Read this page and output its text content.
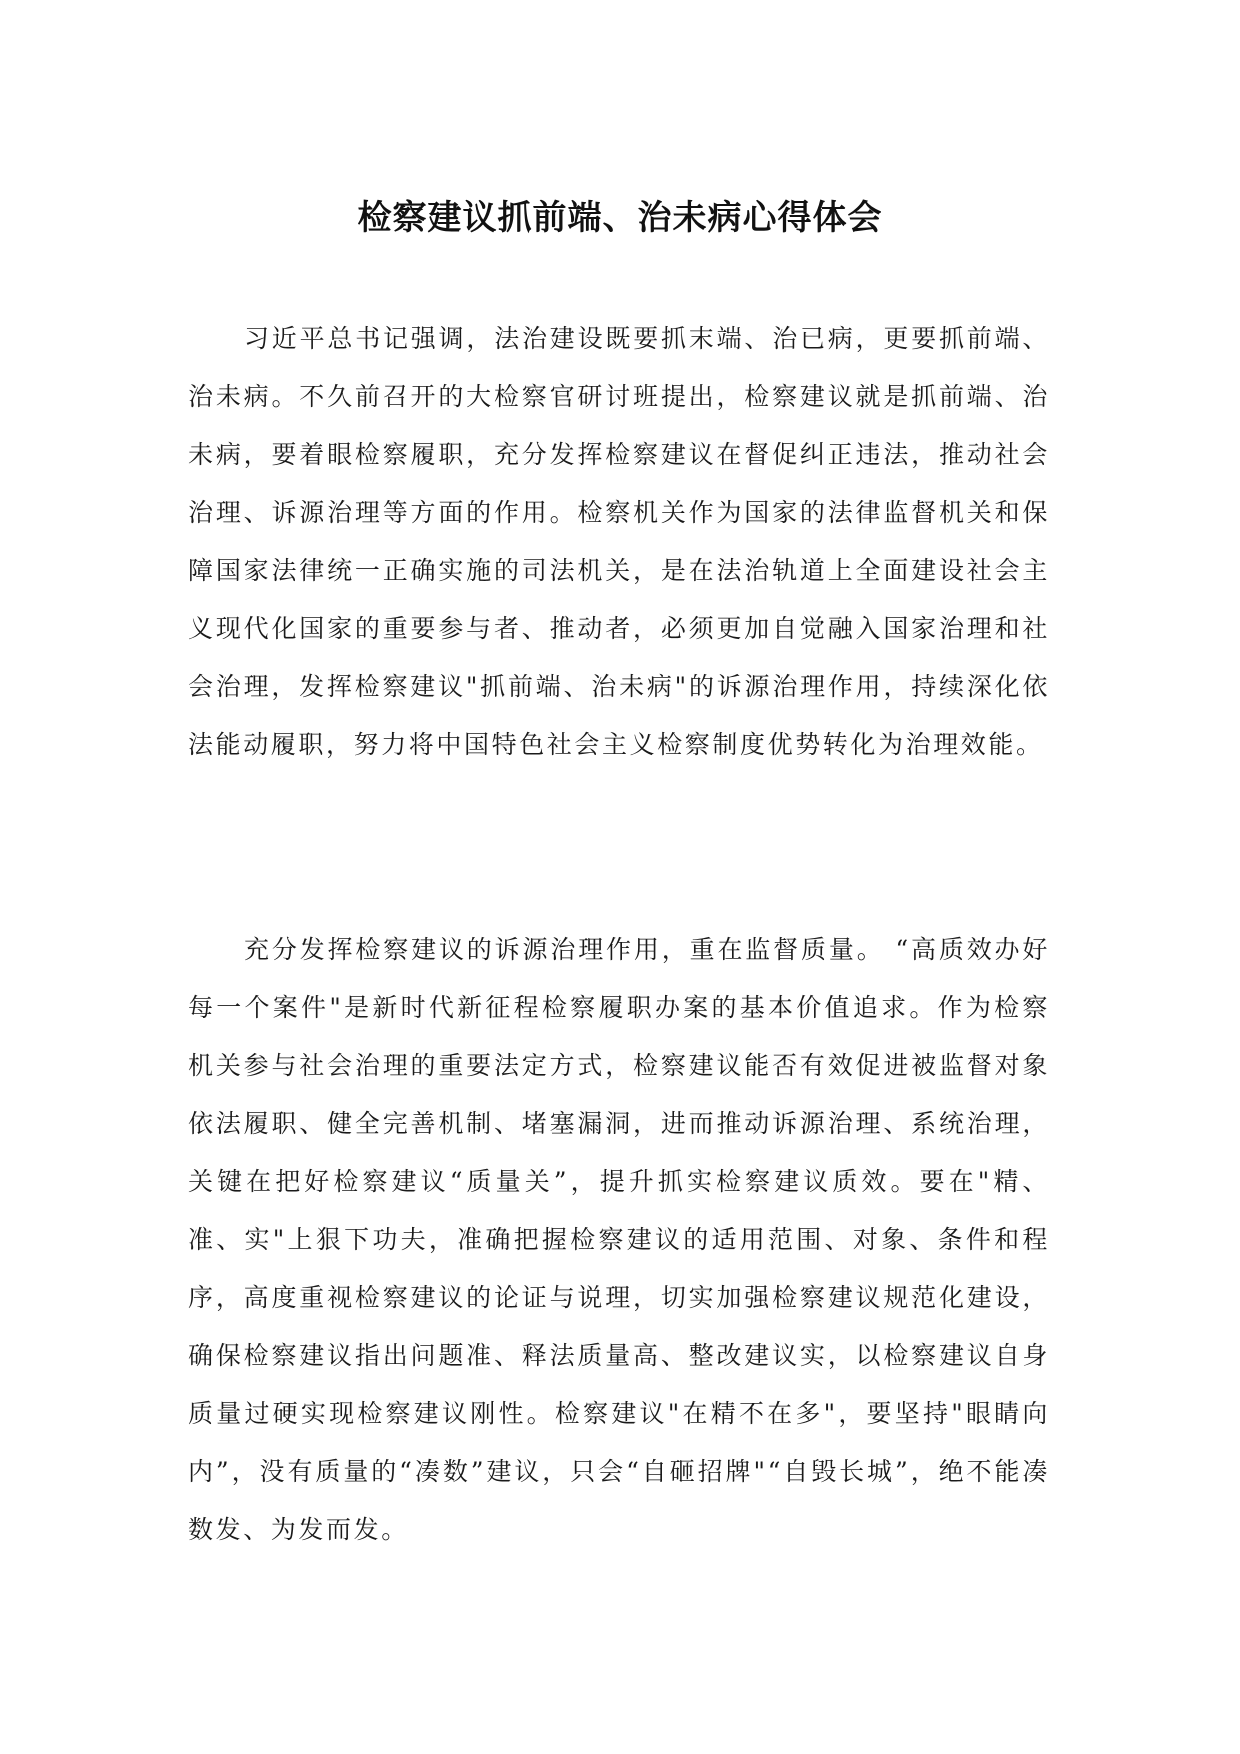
检察建议抓前端、治未病心得体会

习近平总书记强调，法治建设既要抓末端、治已病，更要抓前端、治未病。不久前召开的大检察官研讨班提出，检察建议就是抓前端、治未病，要着眼检察履职，充分发挥检察建议在督促纠正违法，推动社会治理、诉源治理等方面的作用。检察机关作为国家的法律监督机关和保障国家法律统一正确实施的司法机关，是在法治轨道上全面建设社会主义现代化国家的重要参与者、推动者，必须更加自觉融入国家治理和社会治理，发挥检察建议"抓前端、治未病"的诉源治理作用，持续深化依法能动履职，努力将中国特色社会主义检察制度优势转化为治理效能。

充分发挥检察建议的诉源治理作用，重在监督质量。 “高质效办好每一个案件"是新时代新征程检察履职办案的基本价值追求。作为检察机关参与社会治理的重要法定方式，检察建议能否有效促进被监督对象依法履职、健全完善机制、堵塞漏洞，进而推动诉源治理、系统治理，关键在把好检察建议“质量关”，提升抓实检察建议质效。要在"精、准、实"上狠下功夫，准确把握检察建议的适用范围、对象、条件和程序，高度重视检察建议的论证与说理，切实加强检察建议规范化建设，确保检察建议指出问题准、释法质量高、整改建议实，以检察建议自身质量过硬实现检察建议刚性。检察建议"在精不在多"，要坚持"眼睛向内”，没有质量的“凑数”建议，只会“自砸招牌"“自毁长城”，绝不能凑数发、为发而发。
